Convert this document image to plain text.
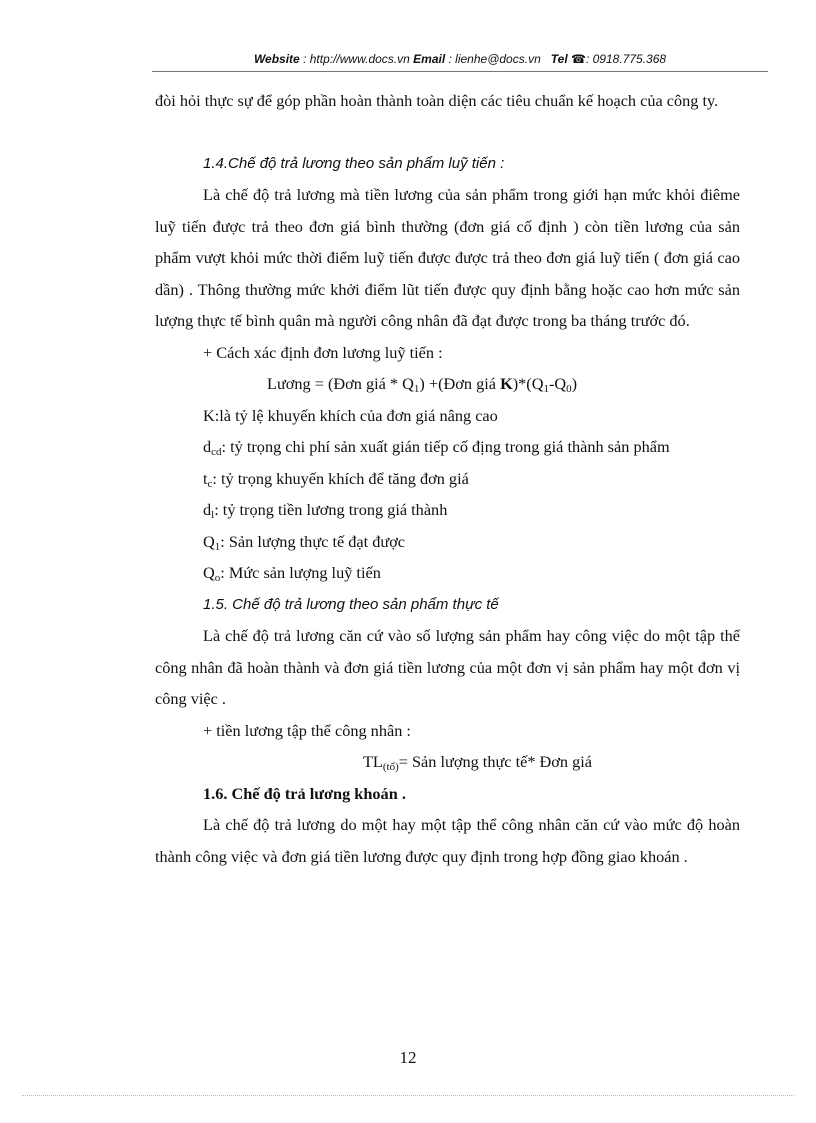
Website : http://www.docs.vn Email : lienhe@docs.vn Tel ☎: 0918.775.368

đòi hỏi thực sự để góp phần hoàn thành toàn diện các tiêu chuẩn kế hoạch của công ty.

1.4.Chế độ trả lương theo sản phẩm luỹ tiến :

Là chế độ trả lương mà tiền lương của sản phẩm trong giới hạn mức khỏi điême luỹ tiến được trả theo đơn giá bình thường (đơn giá cố định ) còn tiền lương của sản phẩm vượt khỏi mức thời điểm luỹ tiến được được trả theo đơn giá luỹ tiến ( đơn giá cao dần) . Thông thường mức khởi điểm lũt tiến được quy định bằng hoặc cao hơn mức sản lượng thực tế bình quân mà người công nhân đã đạt được trong ba tháng trước đó.

+ Cách xác định đơn lương luỹ tiến :

Lương = (Đơn giá * $Q_1$) +(Đơn giá $K)*(Q_1-Q_0)$

K:là tỷ lệ khuyến khích của đơn giá nâng cao

$d_{cd}$: tỷ trọng chi phí sản xuất gián tiếp cố địng trong giá thành sản phẩm

$t_c$: tỷ trọng khuyến khích để tăng đơn giá

$d_l$: tỷ trọng tiền lương trong giá thành

$Q_1$: Sản lượng thực tế đạt được

$Q_o$: Mức sản lượng luỹ tiến

1.5. Chế độ trả lương theo sản phẩm thực tế

Là chế độ trả lương căn cứ vào số lượng sản phẩm hay công việc do một tập thể công nhân đã hoàn thành và đơn giá tiền lương của một đơn vị sản phẩm hay một đơn vị công việc .

+ tiền lương tập thể công nhân :

$TL_{(tổ)}=$ Sản lượng thực tế* Đơn giá

1.6. Chế độ trả lương khoán .

Là chế độ trả lương do một hay một tập thể công nhân căn cứ vào mức độ hoàn thành công việc và đơn giá tiền lương được quy định trong hợp đồng giao khoán .

12
